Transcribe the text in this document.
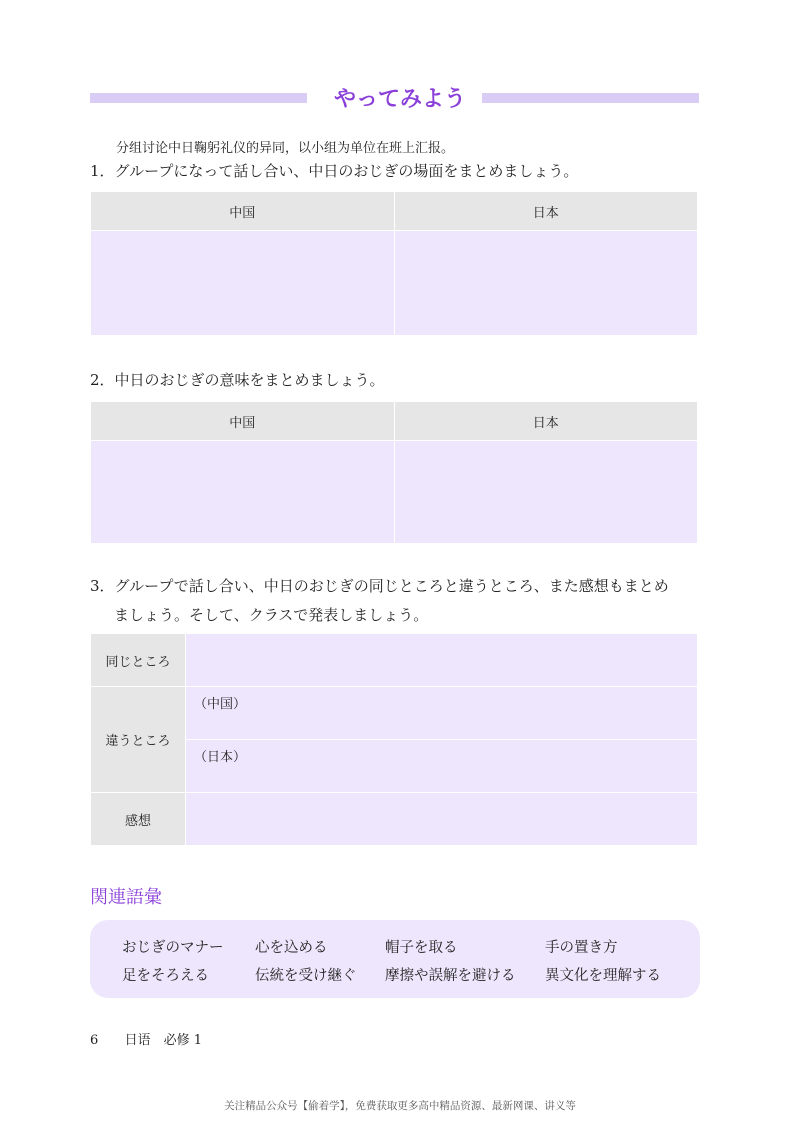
やってみよう
分组讨论中日鞠躬礼仪的异同，以小组为单位在班上汇报。
1．グループになって話し合い、中日のおじぎの場面をまとめましょう。
中国	日本

2．中日のおじぎの意味をまとめましょう。
中国	日本

3．グループで話し合い、中日のおじぎの同じところと違うところ、また感想もまとめ
ましょう。そして、クラスで発表しましょう。
同じところ	
違うところ	（中国）
	（日本）
感想	
関連語彙
おじぎのマナー 心を込める	帽子を取る	手の置き方
足をそろえる	伝統を受け継ぐ 摩擦や誤解を避ける 異文化を理解する
6 日语　必修 1
关注精品公众号【偷着学】，免费获取更多高中精品资源、最新网课、讲义等
